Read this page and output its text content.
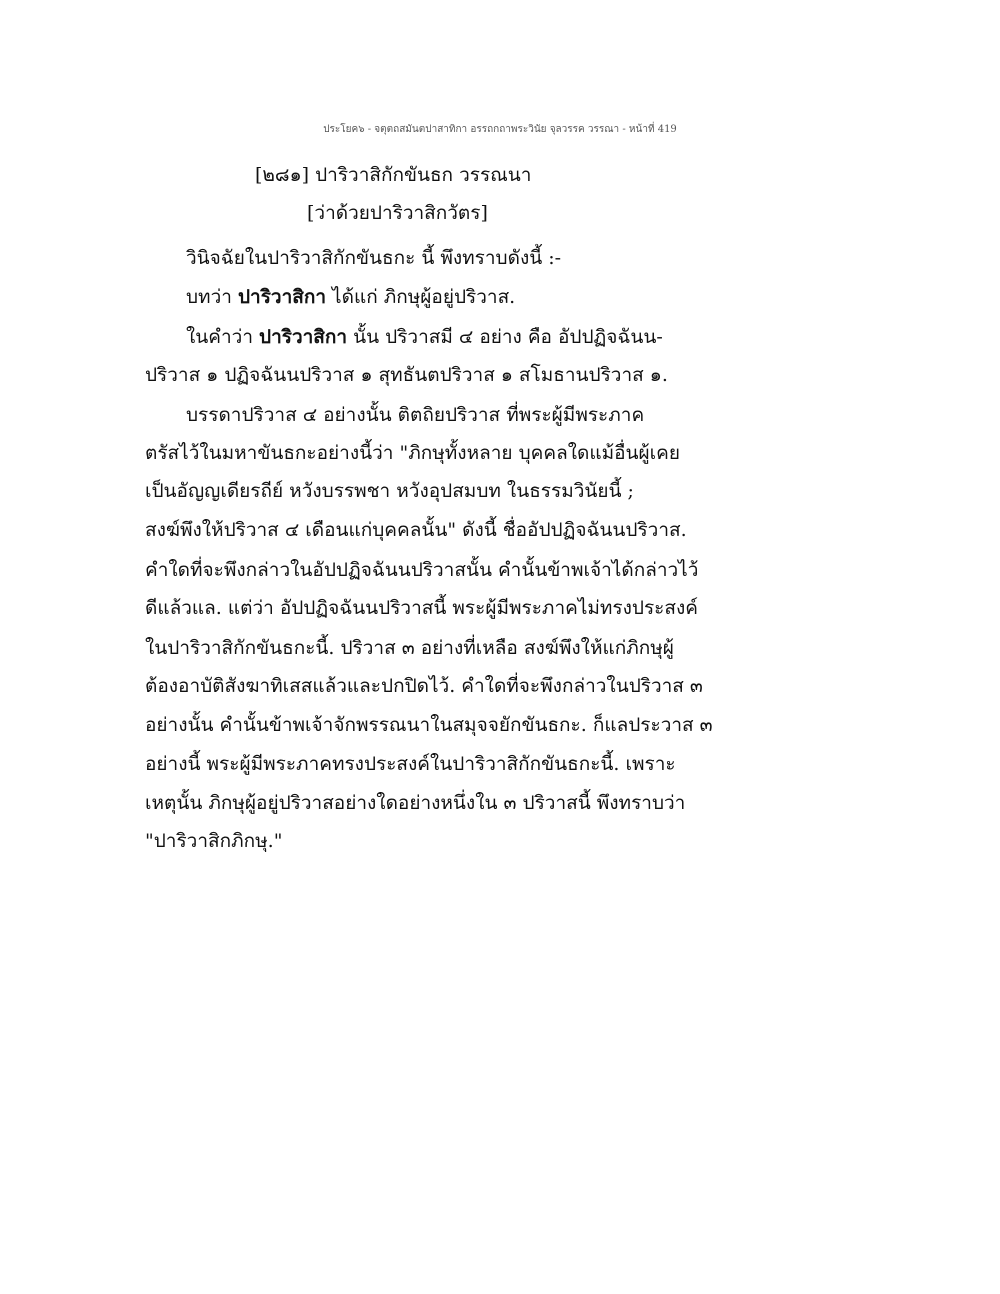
ประโยค๖ - จตุตถสมันตปาสาทิกา อรรถกถาพระวินัย จุลวรรค วรรณา - หน้าที่ 419
[๒๘๑] ปาริวาสิกักขันธก วรรณนา
[ว่าด้วยปาริวาสิกวัตร]
วินิจฉัยในปาริวาสิกักขันธกะ นี้ พึงทราบดังนี้ :-
บทว่า ปาริวาสิกา ได้แก่ ภิกษุผู้อยู่ปริวาส.
ในคำว่า ปาริวาสิกา นั้น ปริวาสมี ๔ อย่าง คือ อัปปฏิจฉันน-
ปริวาส ๑ ปฏิจฉันนปริวาส ๑ สุทธันตปริวาส ๑ สโมธานปริวาส ๑.
บรรดาปริวาส ๔ อย่างนั้น ติตถิยปริวาส ที่พระผู้มีพระภาค
ตรัสไว้ในมหาขันธกะอย่างนี้ว่า "ภิกษุทั้งหลาย บุคคลใดแม้อื่นผู้เคย
เป็นอัญญเดียรถีย์ หวังบรรพชา หวังอุปสมบท ในธรรมวินัยนี้ ;
สงฆ์พึงให้ปริวาส ๔ เดือนแก่บุคคลนั้น" ดังนี้ ชื่ออัปปฏิจฉันนปริวาส.
คำใดที่จะพึงกล่าวในอัปปฏิจฉันนปริวาสนั้น คำนั้นข้าพเจ้าได้กล่าวไว้
ดีแล้วแล. แต่ว่า อัปปฏิจฉันนปริวาสนี้ พระผู้มีพระภาคไม่ทรงประสงค์
ในปาริวาสิกักขันธกะนี้. ปริวาส ๓ อย่างที่เหลือ สงฆ์พึงให้แก่ภิกษุผู้
ต้องอาบัติสังฆาทิเสสแล้วและปกปิดไว้. คำใดที่จะพึงกล่าวในปริวาส ๓
อย่างนั้น คำนั้นข้าพเจ้าจักพรรณนาในสมุจจยักขันธกะ. ก็แลประวาส ๓
อย่างนี้ พระผู้มีพระภาคทรงประสงค์ในปาริวาสิกักขันธกะนี้. เพราะ
เหตุนั้น ภิกษุผู้อยู่ปริวาสอย่างใดอย่างหนึ่งใน ๓ ปริวาสนี้ พึงทราบว่า
"ปาริวาสิกภิกษุ."
